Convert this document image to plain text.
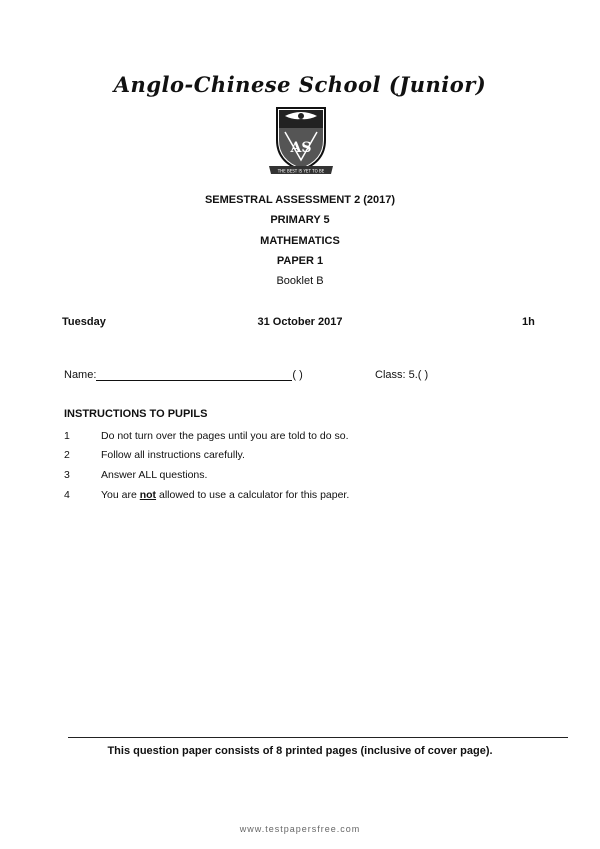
Anglo-Chinese School (Junior)
AS
THE BEST IS YET TO BE
SEMESTRAL ASSESSMENT 2 (2017)
PRIMARY 5
MATHEMATICS
PAPER 1
Booklet B
Tuesday	31 October 2017	1h
Name:	( )	Class: 5.( )
INSTRUCTIONS TO PUPILS
1	Do not turn over the pages until you are told to do so.
2	Follow all instructions carefully.
3	Answer ALL questions.
4	You are not allowed to use a calculator for this paper.
This question paper consists of 8 printed pages (inclusive of cover page).
www.testpapersfree.com
